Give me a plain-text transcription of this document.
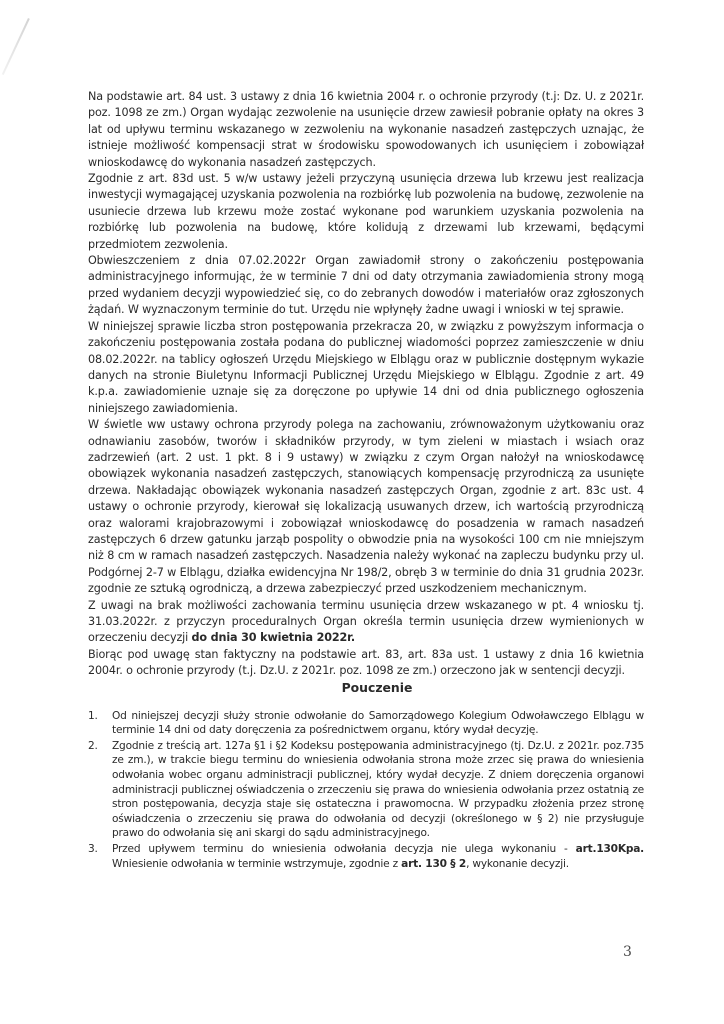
Na podstawie art. 84 ust. 3 ustawy z dnia 16 kwietnia 2004 r. o ochronie przyrody (t.j: Dz. U. z 2021r. poz. 1098 ze zm.) Organ wydając zezwolenie na usunięcie drzew zawiesił pobranie opłaty na okres 3 lat od upływu terminu wskazanego w zezwoleniu na wykonanie nasadzeń zastępczych uznając, że istnieje możliwość kompensacji strat w środowisku spowodowanych ich usunięciem i zobowiązał wnioskodawcę do wykonania nasadzeń zastępczych.

Zgodnie z art. 83d ust. 5 w/w ustawy jeżeli przyczyną usunięcia drzewa lub krzewu jest realizacja inwestycji wymagającej uzyskania pozwolenia na rozbiórkę lub pozwolenia na budowę, zezwolenie na usuniecie drzewa lub krzewu może zostać wykonane pod warunkiem uzyskania pozwolenia na rozbiórkę lub pozwolenia na budowę, które kolidują z drzewami lub krzewami, będącymi przedmiotem zezwolenia.

Obwieszczeniem z dnia 07.02.2022r Organ zawiadomił strony o zakończeniu postępowania administracyjnego informując, że w terminie 7 dni od daty otrzymania zawiadomienia strony mogą przed wydaniem decyzji wypowiedzieć się, co do zebranych dowodów i materiałów oraz zgłoszonych żądań. W wyznaczonym terminie do tut. Urzędu nie wpłynęły żadne uwagi i wnioski w tej sprawie.

W niniejszej sprawie liczba stron postępowania przekracza 20, w związku z powyższym informacja o zakończeniu postępowania została podana do publicznej wiadomości poprzez zamieszczenie w dniu 08.02.2022r. na tablicy ogłoszeń Urzędu Miejskiego w Elblągu oraz w publicznie dostępnym wykazie danych na stronie Biuletynu Informacji Publicznej Urzędu Miejskiego w Elblągu. Zgodnie z art. 49 k.p.a. zawiadomienie uznaje się za doręczone po upływie 14 dni od dnia publicznego ogłoszenia niniejszego zawiadomienia.

W świetle ww ustawy ochrona przyrody polega na zachowaniu, zrównoważonym użytkowaniu oraz odnawianiu zasobów, tworów i składników przyrody, w tym zieleni w miastach i wsiach oraz zadrzewień (art. 2 ust. 1 pkt. 8 i 9 ustawy) w związku z czym Organ nałożył na wnioskodawcę obowiązek wykonania nasadzeń zastępczych, stanowiących kompensację przyrodniczą za usunięte drzewa. Nakładając obowiązek wykonania nasadzeń zastępczych Organ, zgodnie z art. 83c ust. 4 ustawy o ochronie przyrody, kierował się lokalizacją usuwanych drzew, ich wartością przyrodniczą oraz walorami krajobrazowymi i zobowiązał wnioskodawcę do posadzenia w ramach nasadzeń zastępczych 6 drzew gatunku jarząb pospolity o obwodzie pnia na wysokości 100 cm nie mniejszym niż 8 cm w ramach nasadzeń zastępczych. Nasadzenia należy wykonać na zapleczu budynku przy ul. Podgórnej 2-7 w Elblągu, działka ewidencyjna Nr 198/2, obręb 3 w terminie do dnia 31 grudnia 2023r. zgodnie ze sztuką ogrodniczą, a drzewa zabezpieczyć przed uszkodzeniem mechanicznym.

Z uwagi na brak możliwości zachowania terminu usunięcia drzew wskazanego w pt. 4 wniosku tj. 31.03.2022r. z przyczyn proceduralnych Organ określa termin usunięcia drzew wymienionych w orzeczeniu decyzji do dnia 30 kwietnia 2022r.

Biorąc pod uwagę stan faktyczny na podstawie art. 83, art. 83a ust. 1 ustawy z dnia 16 kwietnia 2004r. o ochronie przyrody (t.j. Dz.U. z 2021r. poz. 1098 ze zm.) orzeczono jak w sentencji decyzji.

Pouczenie
1. Od niniejszej decyzji służy stronie odwołanie do Samorządowego Kolegium Odwoławczego Elblągu w terminie 14 dni od daty doręczenia za pośrednictwem organu, który wydał decyzję.
2. Zgodnie z treścią art. 127a §1 i §2 Kodeksu postępowania administracyjnego (tj. Dz.U. z 2021r. poz.735 ze zm.), w trakcie biegu terminu do wniesienia odwołania strona może zrzec się prawa do wniesienia odwołania wobec organu administracji publicznej, który wydał decyzje. Z dniem doręczenia organowi administracji publicznej oświadczenia o zrzeczeniu się prawa do wniesienia odwołania przez ostatnią ze stron postępowania, decyzja staje się ostateczna i prawomocna. W przypadku złożenia przez stronę oświadczenia o zrzeczeniu się prawa do odwołania od decyzji (określonego w § 2) nie przysługuje prawo do odwołania się ani skargi do sądu administracyjnego.
3. Przed upływem terminu do wniesienia odwołania decyzja nie ulega wykonaniu - art.130Kpa. Wniesienie odwołania w terminie wstrzymuje, zgodnie z art. 130 § 2, wykonanie decyzji.
3
